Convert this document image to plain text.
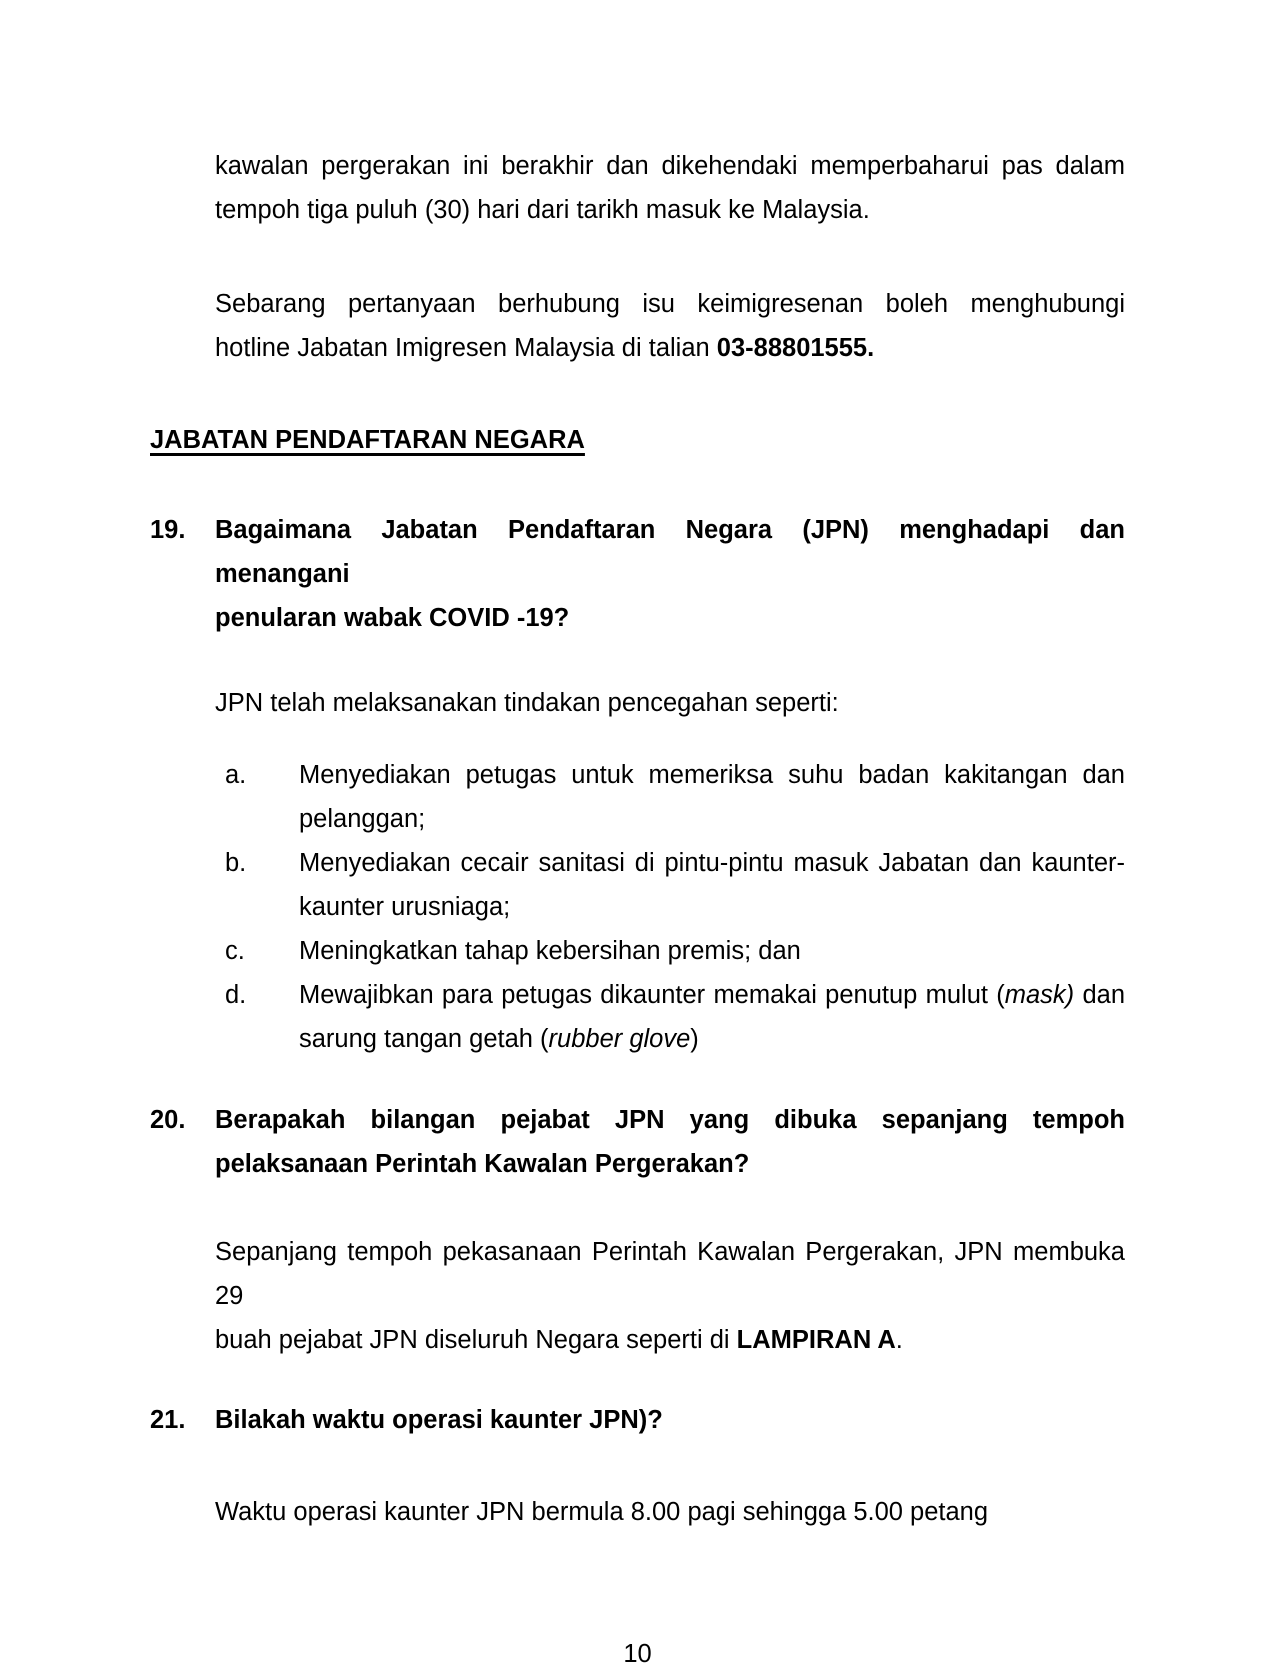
kawalan pergerakan ini berakhir dan dikehendaki memperbaharui pas dalam
tempoh tiga puluh (30) hari dari tarikh masuk ke Malaysia.
Sebarang pertanyaan berhubung isu keimigresenan boleh menghubungi
hotline Jabatan Imigresen Malaysia di talian 03-88801555.
JABATAN PENDAFTARAN NEGARA
19.	Bagaimana Jabatan Pendaftaran Negara (JPN) menghadapi dan menangani
penularan wabak COVID -19?
JPN telah melaksanakan tindakan pencegahan seperti:
a.	Menyediakan petugas untuk memeriksa suhu badan kakitangan dan
pelanggan;
b.	Menyediakan cecair sanitasi di pintu-pintu masuk Jabatan dan kaunter-
kaunter urusniaga;
c.	Meningkatkan tahap kebersihan premis; dan
d.	Mewajibkan para petugas dikaunter memakai penutup mulut (mask) dan
sarung tangan getah (rubber glove)
20.	Berapakah bilangan pejabat JPN yang dibuka sepanjang tempoh
pelaksanaan Perintah Kawalan Pergerakan?
Sepanjang tempoh pekasanaan Perintah Kawalan Pergerakan, JPN membuka 29
buah pejabat JPN diseluruh Negara seperti di LAMPIRAN A.
21.	Bilakah waktu operasi kaunter JPN)?
Waktu operasi kaunter JPN bermula 8.00 pagi sehingga 5.00 petang
10
